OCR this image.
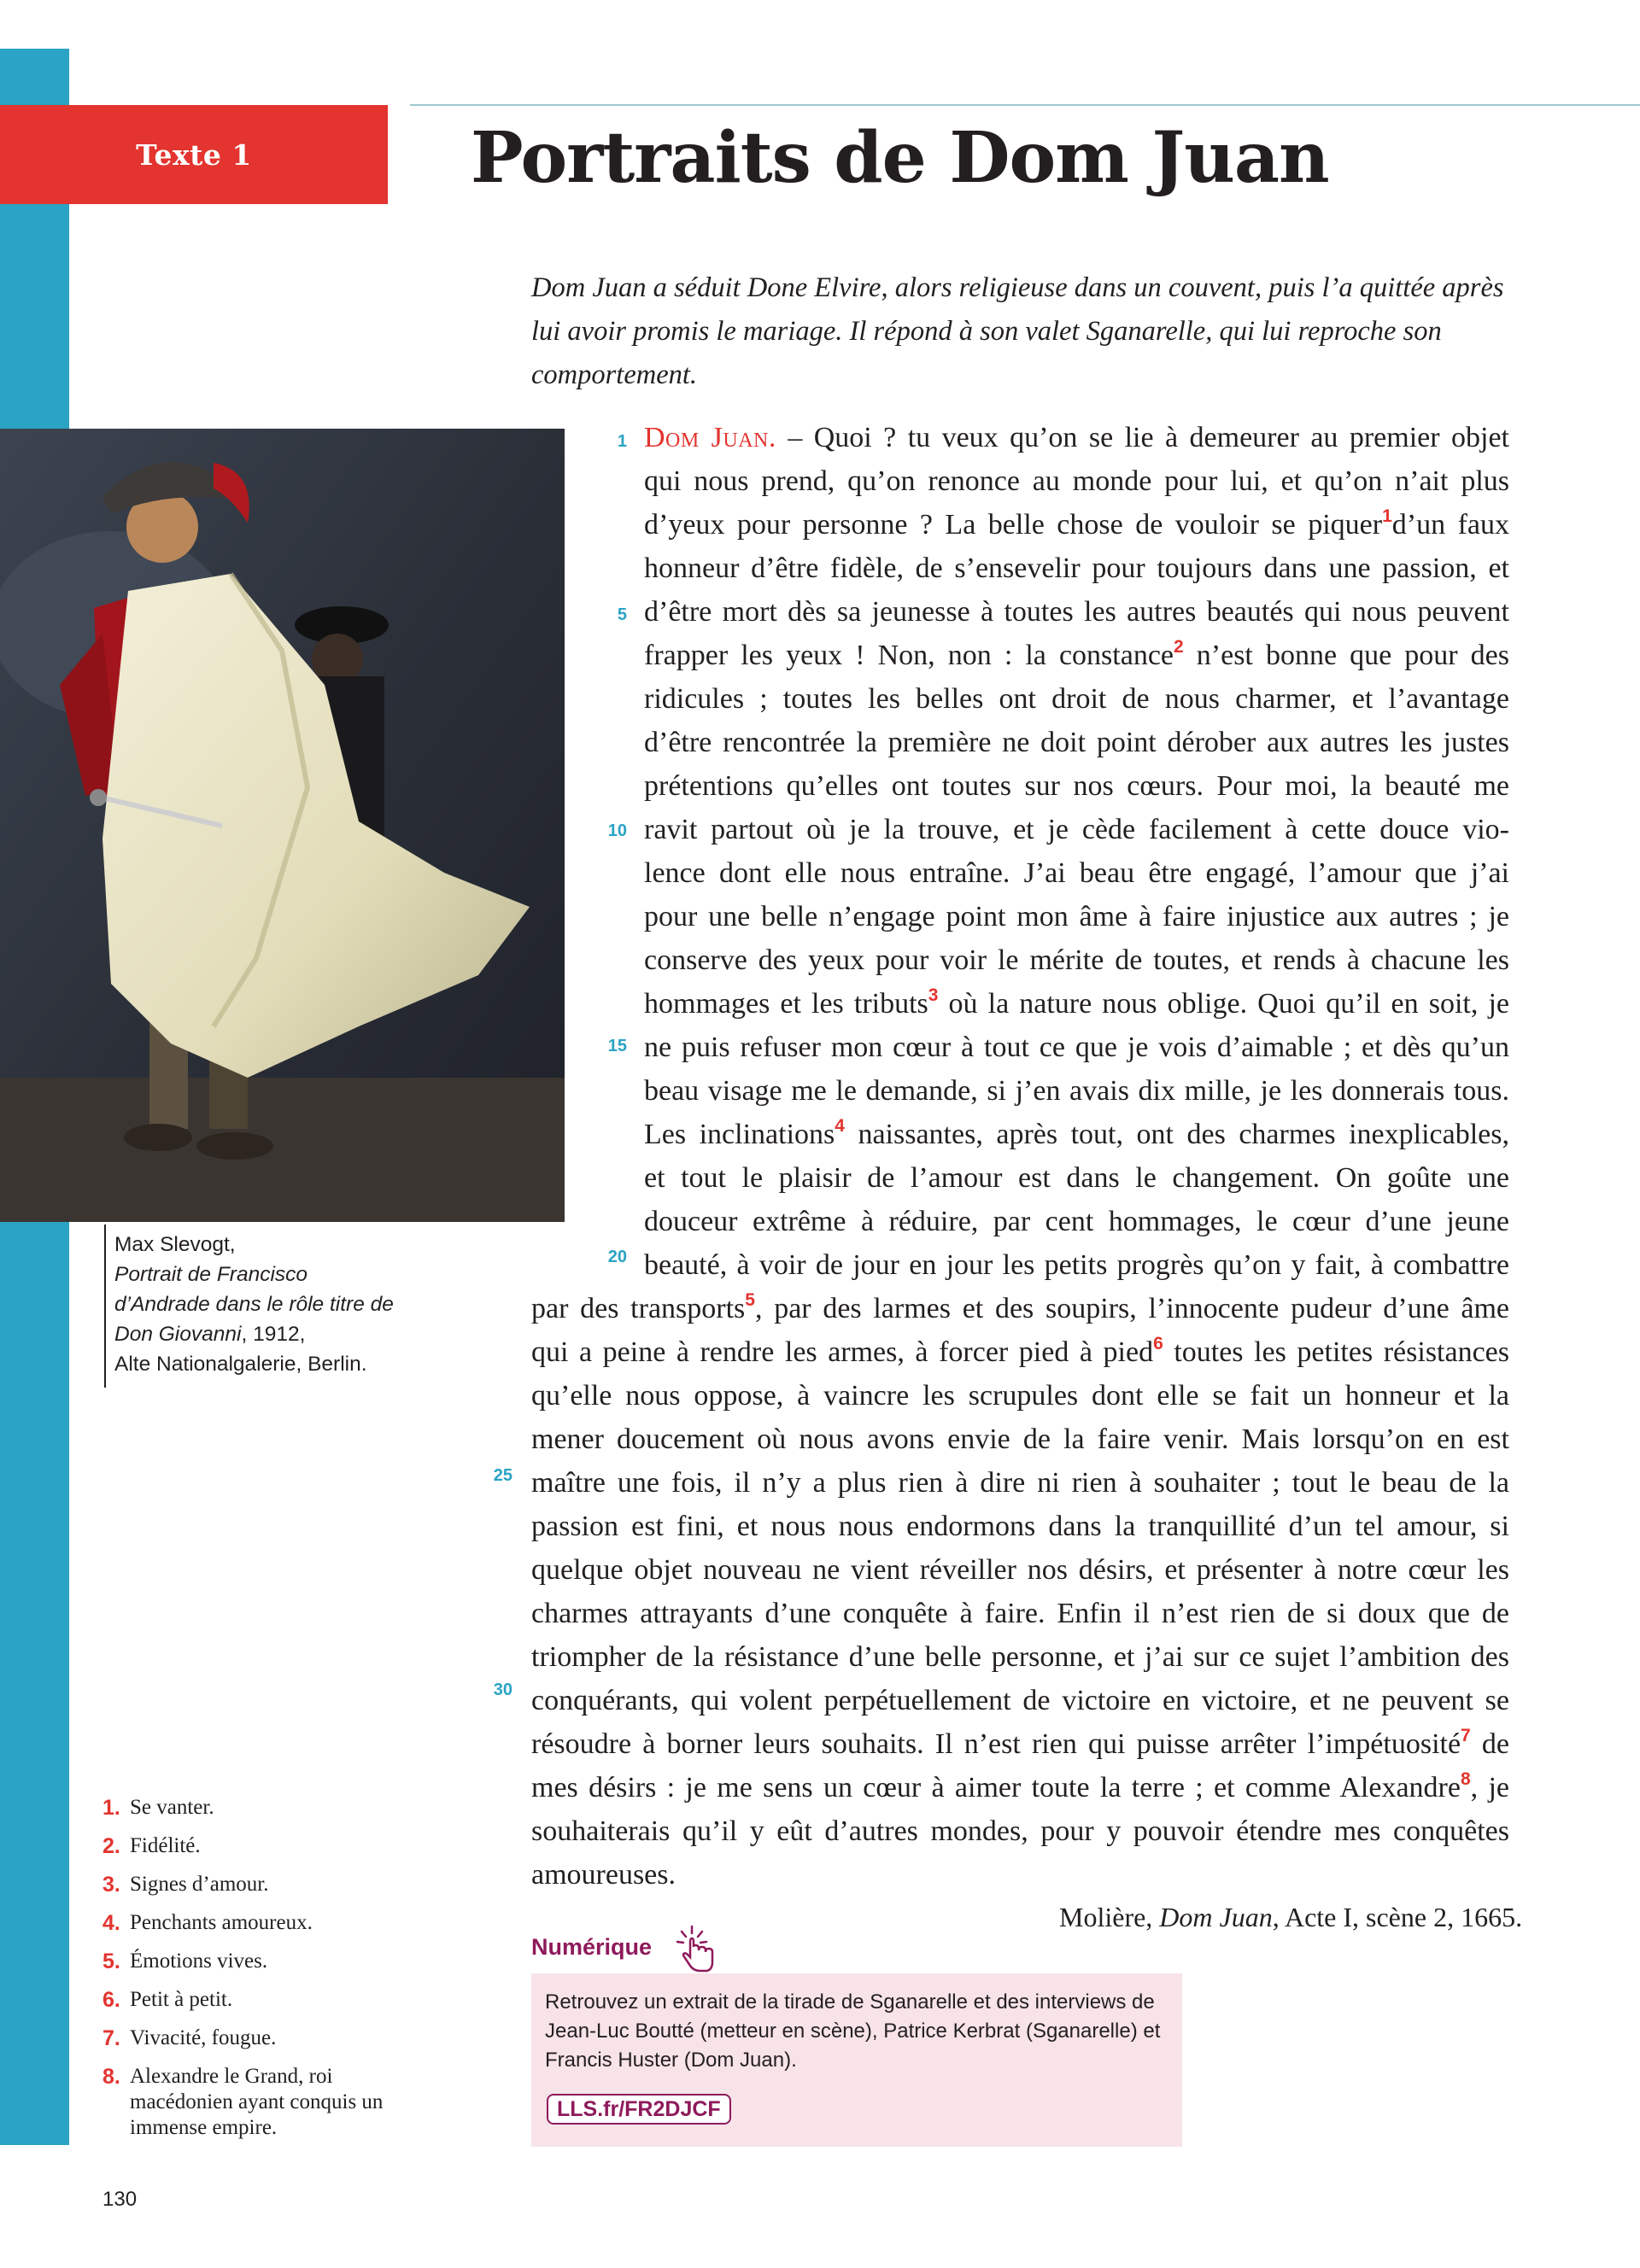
Texte 1	Portraits de Dom Juan

Dom Juan a séduit Done Elvire, alors religieuse dans un couvent, puis l’a quittée après lui avoir promis le mariage. Il répond à son valet Sganarelle, qui lui reproche son comportement.

Max Slevogt,
Portrait de Francisco d’Andrade dans le rôle titre de Don Giovanni, 1912,
Alte Nationalgalerie, Berlin.
1
5
10
15
20
25
30
Dom Juan. – Quoi ? tu veux qu’on se lie à demeurer au premier objet
qui nous prend, qu’on renonce au monde pour lui, et qu’on n’ait plus
d’yeux pour personne ? La belle chose de vouloir se piquer$^1$d’un faux
honneur d’être fidèle, de s’ensevelir pour toujours dans une passion, et
d’être mort dès sa jeunesse à toutes les autres beautés qui nous peuvent
frapper les yeux ! Non, non : la constance$^2$ n’est bonne que pour des
ridicules ; toutes les belles ont droit de nous charmer, et l’avantage
d’être rencontrée la première ne doit point dérober aux autres les justes
prétentions qu’elles ont toutes sur nos cœurs. Pour moi, la beauté me
ravit partout où je la trouve, et je cède facilement à cette douce vio-
lence dont elle nous entraîne. J’ai beau être engagé, l’amour que j’ai
pour une belle n’engage point mon âme à faire injustice aux autres ; je
conserve des yeux pour voir le mérite de toutes, et rends à chacune les
hommages et les tributs$^3$ où la nature nous oblige. Quoi qu’il en soit, je
ne puis refuser mon cœur à tout ce que je vois d’aimable ; et dès qu’un
beau visage me le demande, si j’en avais dix mille, je les donnerais tous.
Les inclinations$^4$ naissantes, après tout, ont des charmes inexplicables,
et tout le plaisir de l’amour est dans le changement. On goûte une
douceur extrême à réduire, par cent hommages, le cœur d’une jeune
beauté, à voir de jour en jour les petits progrès qu’on y fait, à combattre
par des transports$^5$, par des larmes et des soupirs, l’innocente pudeur d’une âme
qui a peine à rendre les armes, à forcer pied à pied$^6$ toutes les petites résistances
qu’elle nous oppose, à vaincre les scrupules dont elle se fait un honneur et la
mener doucement où nous avons envie de la faire venir. Mais lorsqu’on en est
maître une fois, il n’y a plus rien à dire ni rien à souhaiter ; tout le beau de la
passion est fini, et nous nous endormons dans la tranquillité d’un tel amour, si
quelque objet nouveau ne vient réveiller nos désirs, et présenter à notre cœur les
charmes attrayants d’une conquête à faire. Enfin il n’est rien de si doux que de
triompher de la résistance d’une belle personne, et j’ai sur ce sujet l’ambition des
conquérants, qui volent perpétuellement de victoire en victoire, et ne peuvent se
résoudre à borner leurs souhaits. Il n’est rien qui puisse arrêter l’impétuosité$^7$ de
mes désirs : je me sens un cœur à aimer toute la terre ; et comme Alexandre$^8$, je
souhaiterais qu’il y eût d’autres mondes, pour y pouvoir étendre mes conquêtes
amoureuses.
Molière, Dom Juan, Acte I, scène 2, 1665.
Numérique
Retrouvez un extrait de la tirade de Sganarelle et des interviews de Jean-Luc Boutté (metteur en scène), Patrice Kerbrat (Sganarelle) et Francis Huster (Dom Juan).
LLS.fr/FR2DJCF
1. Se vanter.
2. Fidélité.
3. Signes d’amour.
4. Penchants amoureux.
5. Émotions vives.
6. Petit à petit.
7. Vivacité, fougue.
8. Alexandre le Grand, roi macédonien ayant conquis un immense empire.
130
